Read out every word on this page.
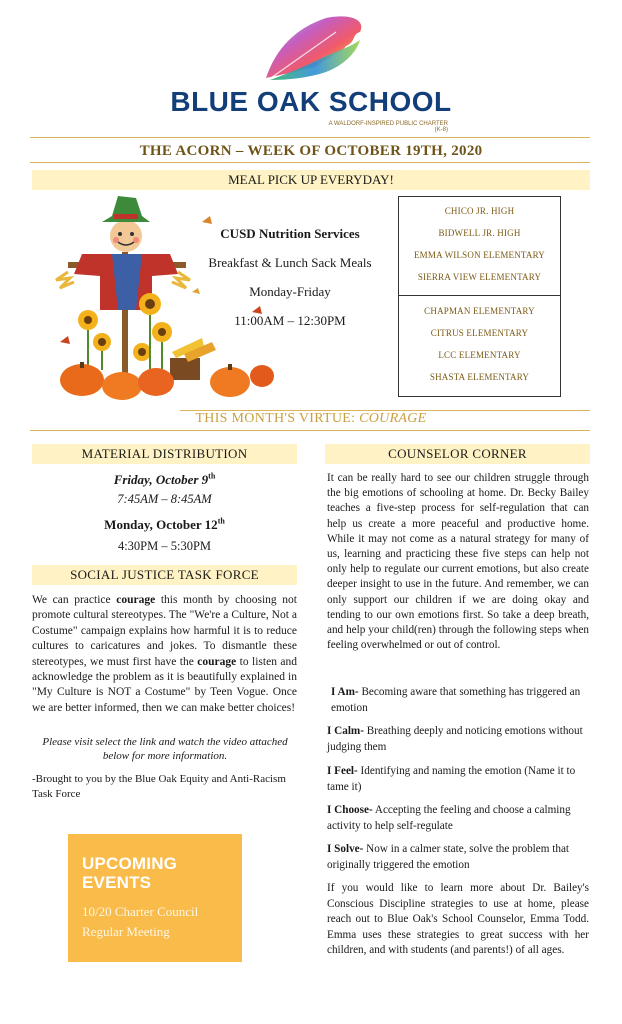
BLUE OAK SCHOOL
A WALDORF-INSPIRED PUBLIC CHARTER (K-8)
THE ACORN – WEEK OF OCTOBER 19TH, 2020
MEAL PICK UP EVERYDAY!
CUSD Nutrition Services
Breakfast & Lunch Sack Meals
Monday-Friday
11:00AM – 12:30PM
CHICO JR. HIGH
BIDWELL JR. HIGH
EMMA WILSON ELEMENTARY
SIERRA VIEW ELEMENTARY
CHAPMAN ELEMENTARY
CITRUS ELEMENTARY
LCC ELEMENTARY
SHASTA ELEMENTARY
THIS MONTH'S VIRTUE: COURAGE
MATERIAL DISTRIBUTION
Friday, October 9th
7:45AM – 8:45AM
Monday, October 12th
4:30PM – 5:30PM
SOCIAL JUSTICE TASK FORCE
We can practice courage this month by choosing not promote cultural stereotypes. The "We're a Culture, Not a Costume" campaign explains how harmful it is to reduce cultures to caricatures and jokes. To dismantle these stereotypes, we must first have the courage to listen and acknowledge the problem as it is beautifully explained in "My Culture is NOT a Costume" by Teen Vogue. Once we are better informed, then we can make better choices!
Please visit select the link and watch the video attached below for more information.
-Brought to you by the Blue Oak Equity and Anti-Racism Task Force
UPCOMING EVENTS
10/20 Charter Council Regular Meeting
COUNSELOR CORNER
It can be really hard to see our children struggle through the big emotions of schooling at home. Dr. Becky Bailey teaches a five-step process for self-regulation that can help us create a more peaceful and productive home. While it may not come as a natural strategy for many of us, learning and practicing these five steps can help not only help to regulate our current emotions, but also create deeper insight to use in the future. And remember, we can only support our children if we are doing okay and tending to our own emotions first. So take a deep breath, and help your child(ren) through the following steps when feeling overwhelmed or out of control.
I Am- Becoming aware that something has triggered an emotion
I Calm- Breathing deeply and noticing emotions without judging them
I Feel- Identifying and naming the emotion (Name it to tame it)
I Choose- Accepting the feeling and choose a calming activity to help self-regulate
I Solve- Now in a calmer state, solve the problem that originally triggered the emotion
If you would like to learn more about Dr. Bailey's Conscious Discipline strategies to use at home, please reach out to Blue Oak's School Counselor, Emma Todd. Emma uses these strategies to great success with her children, and with students (and parents!) of all ages.
